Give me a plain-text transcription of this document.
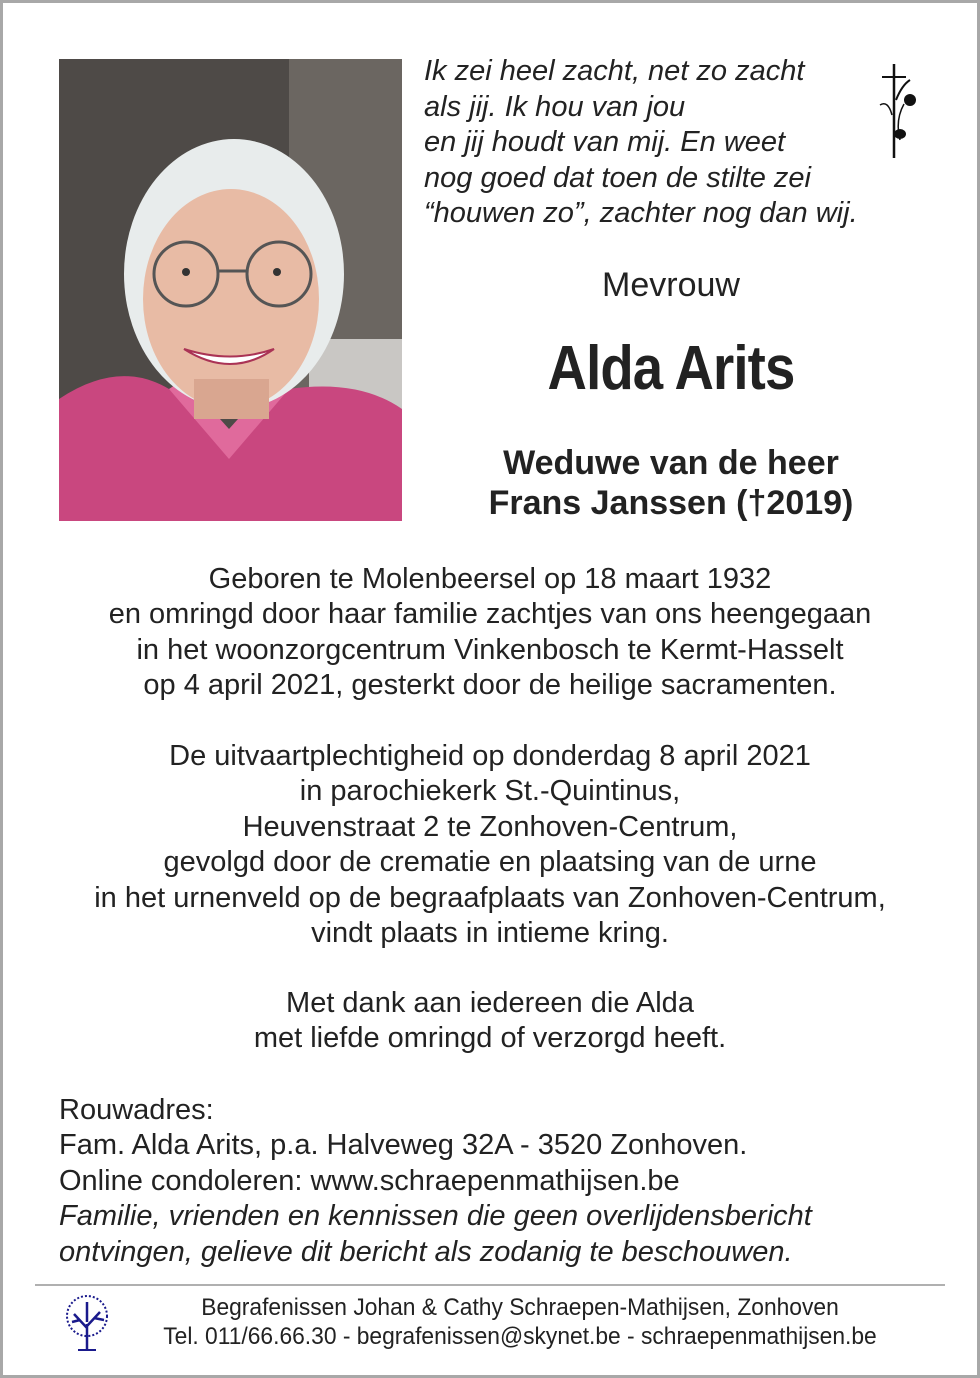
Ik zei heel zacht, net zo zacht
als jij. Ik hou van jou
en jij houdt van mij. En weet
nog goed dat toen de stilte zei
“houwen zo”, zachter nog dan wij.
Mevrouw
Alda Arits
Weduwe van de heer
Frans Janssen (†2019)
Geboren te Molenbeersel op 18 maart 1932
en omringd door haar familie zachtjes van ons heengegaan
in het woonzorgcentrum Vinkenbosch te Kermt-Hasselt
op 4 april 2021, gesterkt door de heilige sacramenten.
De uitvaartplechtigheid op donderdag 8 april 2021
in parochiekerk St.-Quintinus,
Heuvenstraat 2 te Zonhoven-Centrum,
gevolgd door de crematie en plaatsing van de urne
in het urnenveld op de begraafplaats van Zonhoven-Centrum,
vindt plaats in intieme kring.
Met dank aan iedereen die Alda
met liefde omringd of verzorgd heeft.
Rouwadres:
Fam. Alda Arits, p.a. Halveweg 32A - 3520 Zonhoven.
Online condoleren: www.schraepenmathijsen.be
Familie, vrienden en kennissen die geen overlijdensbericht
ontvingen, gelieve dit bericht als zodanig te beschouwen.
Begrafenissen Johan & Cathy Schraepen-Mathijsen, Zonhoven
Tel. 011/66.66.30 - begrafenissen@skynet.be - schraepenmathijsen.be
